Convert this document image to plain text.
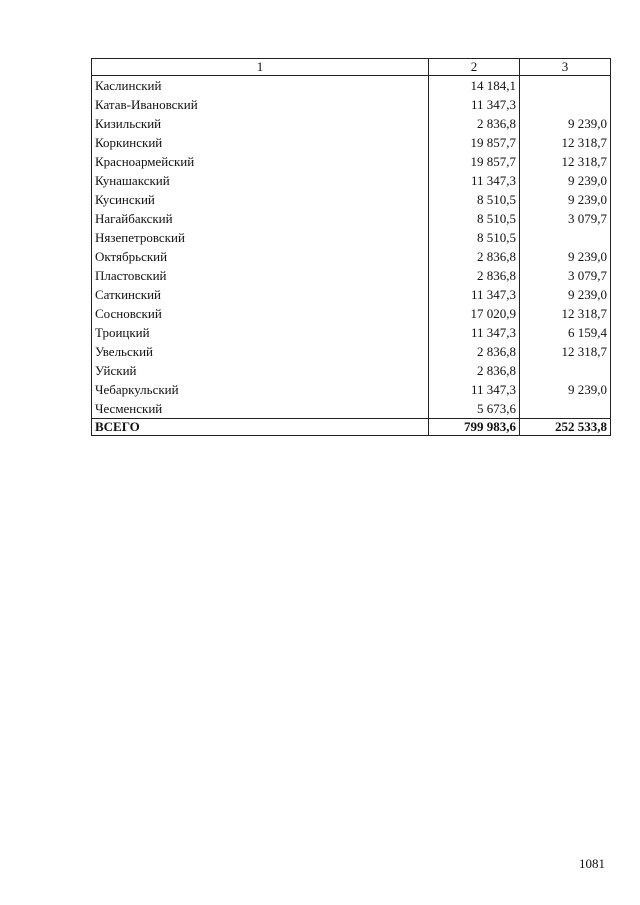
1	2	3
Каслинский	14 184,1	
Катав-Ивановский	11 347,3	
Кизильский	2 836,8	9 239,0
Коркинский	19 857,7	12 318,7
Красноармейский	19 857,7	12 318,7
Кунашакский	11 347,3	9 239,0
Кусинский	8 510,5	9 239,0
Нагайбакский	8 510,5	3 079,7
Нязепетровский	8 510,5	
Октябрьский	2 836,8	9 239,0
Пластовский	2 836,8	3 079,7
Саткинский	11 347,3	9 239,0
Сосновский	17 020,9	12 318,7
Троицкий	11 347,3	6 159,4
Увельский	2 836,8	12 318,7
Уйский	2 836,8	
Чебаркульский	11 347,3	9 239,0
Чесменский	5 673,6	
ВСЕГО	799 983,6	252 533,8
1081
